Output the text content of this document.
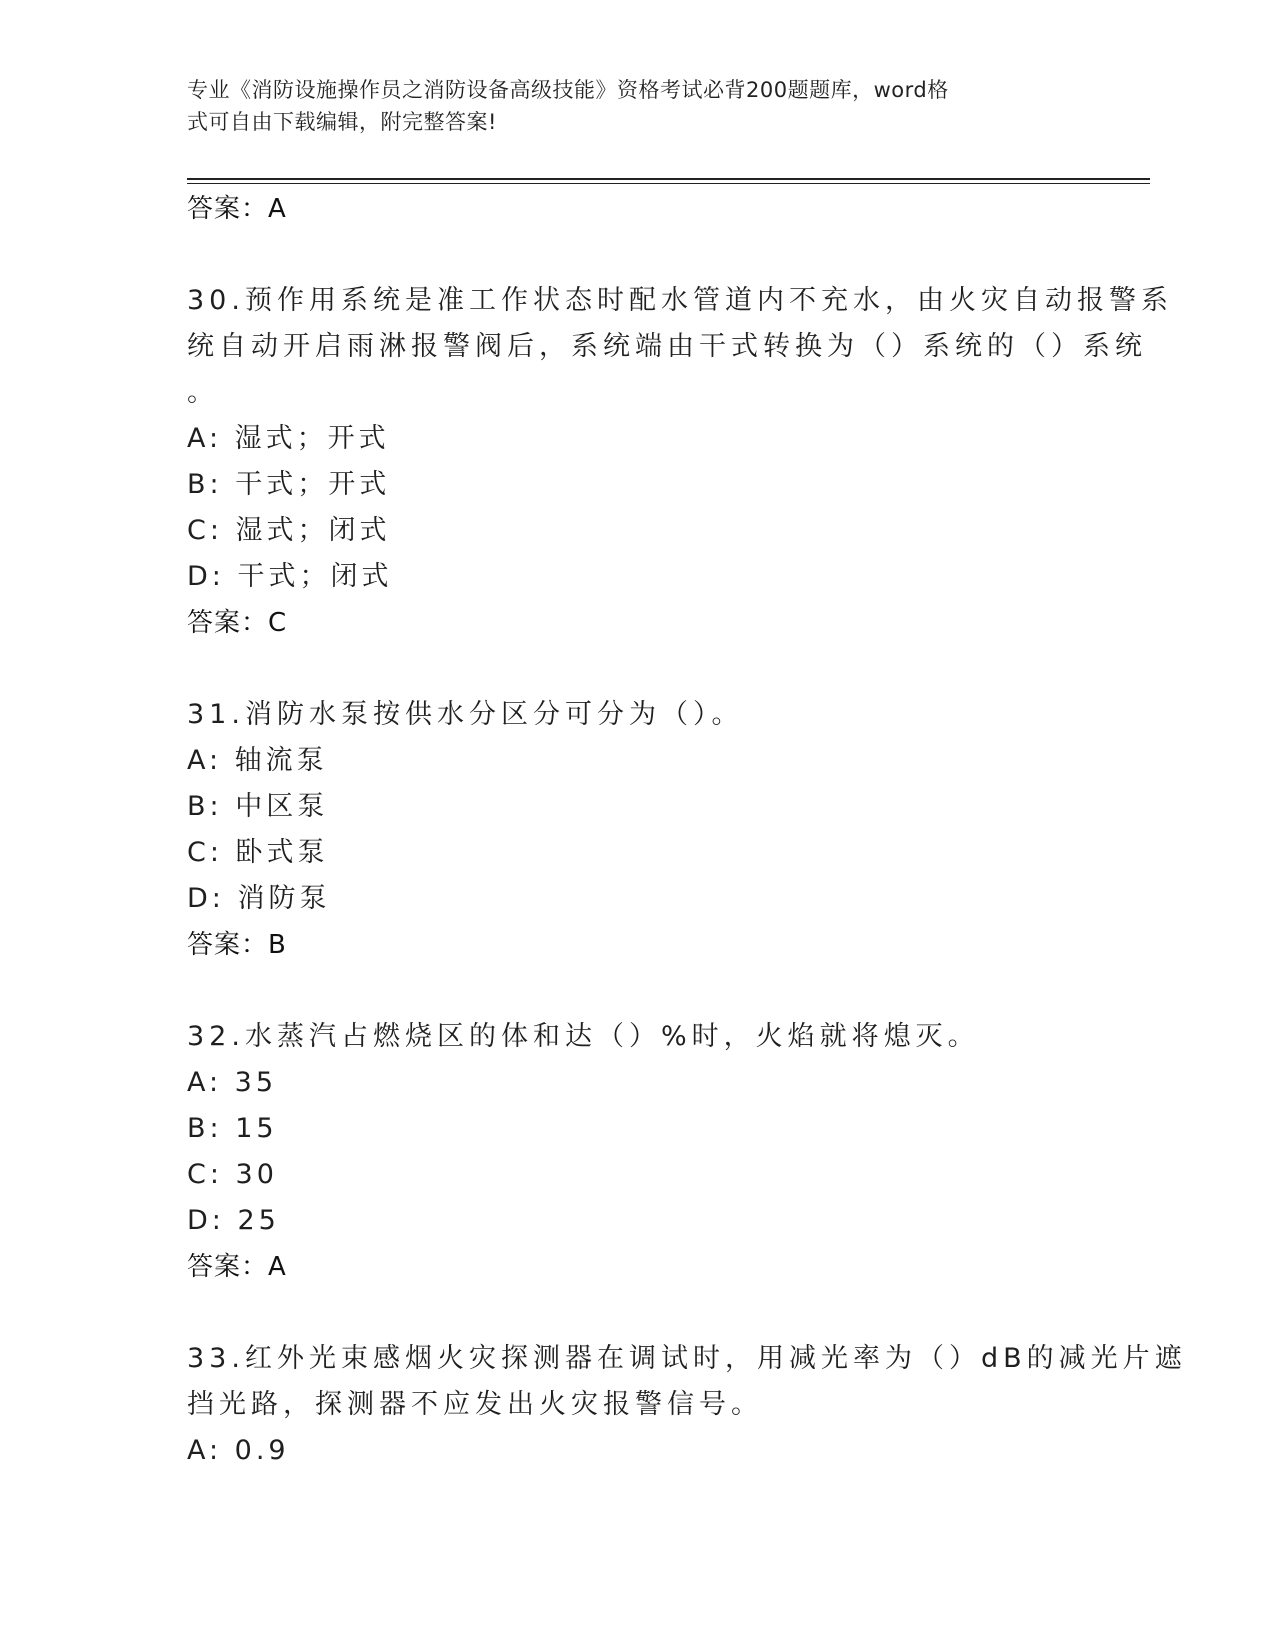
专业《消防设施操作员之消防设备高级技能》资格考试必背200题题库，word格
式可自由下载编辑，附完整答案!
答案：A
30.预作用系统是准工作状态时配水管道内不充水，由火灾自动报警系
统自动开启雨淋报警阀后，系统端由干式转换为（）系统的（）系统
。
A: 湿式；开式
B: 干式；开式
C: 湿式；闭式
D: 干式；闭式
答案：C
31.消防水泵按供水分区分可分为（）。
A: 轴流泵
B: 中区泵
C: 卧式泵
D: 消防泵
答案：B
32.水蒸汽占燃烧区的体和达（）%时，火焰就将熄灭。
A: 35
B: 15
C: 30
D: 25
答案：A
33.红外光束感烟火灾探测器在调试时，用减光率为（）dB的减光片遮
挡光路，探测器不应发出火灾报警信号。
A: 0.9
